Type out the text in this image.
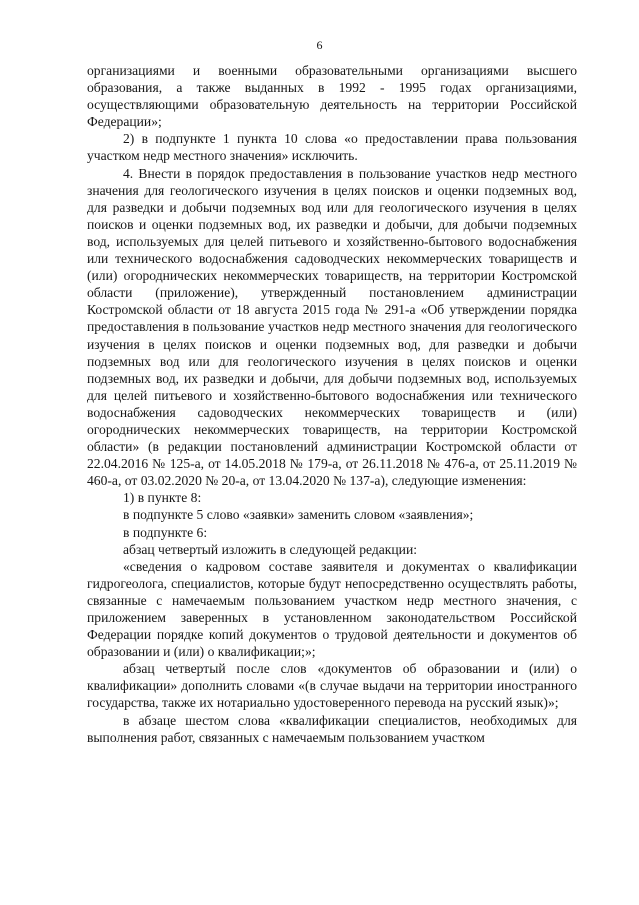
6

организациями и военными образовательными организациями высшего образования, а также выданных в 1992 - 1995 годах организациями, осуществляющими образовательную деятельность на территории Российской Федерации»;

2) в подпункте 1 пункта 10 слова «о предоставлении права пользования участком недр местного значения» исключить.

4. Внести в порядок предоставления в пользование участков недр местного значения для геологического изучения в целях поисков и оценки подземных вод, для разведки и добычи подземных вод или для геологического изучения в целях поисков и оценки подземных вод, их разведки и добычи, для добычи подземных вод, используемых для целей питьевого и хозяйственно-бытового водоснабжения или технического водоснабжения садоводческих некоммерческих товариществ и (или) огороднических некоммерческих товариществ, на территории Костромской области (приложение), утвержденный постановлением администрации Костромской области от 18 августа 2015 года № 291-а «Об утверждении порядка предоставления в пользование участков недр местного значения для геологического изучения в целях поисков и оценки подземных вод, для разведки и добычи подземных вод или для геологического изучения в целях поисков и оценки подземных вод, их разведки и добычи, для добычи подземных вод, используемых для целей питьевого и хозяйственно-бытового водоснабжения или технического водоснабжения садоводческих некоммерческих товариществ и (или) огороднических некоммерческих товариществ, на территории Костромской области» (в редакции постановлений администрации Костромской области от 22.04.2016 № 125-а, от 14.05.2018 № 179-а, от 26.11.2018 № 476-а, от 25.11.2019 № 460-а, от 03.02.2020 № 20-а, от 13.04.2020 № 137-а), следующие изменения:

1) в пункте 8:

в подпункте 5 слово «заявки» заменить словом «заявления»;

в подпункте 6:

абзац четвертый изложить в следующей редакции:

«сведения о кадровом составе заявителя и документах о квалификации гидрогеолога, специалистов, которые будут непосредственно осуществлять работы, связанные с намечаемым пользованием участком недр местного значения, с приложением заверенных в установленном законодательством Российской Федерации порядке копий документов о трудовой деятельности и документов об образовании и (или) о квалификации;»;

абзац четвертый после слов «документов об образовании и (или) о квалификации» дополнить словами «(в случае выдачи на территории иностранного государства, также их нотариально удостоверенного перевода на русский язык)»;

в абзаце шестом слова «квалификации специалистов, необходимых для выполнения работ, связанных с намечаемым пользованием участком
